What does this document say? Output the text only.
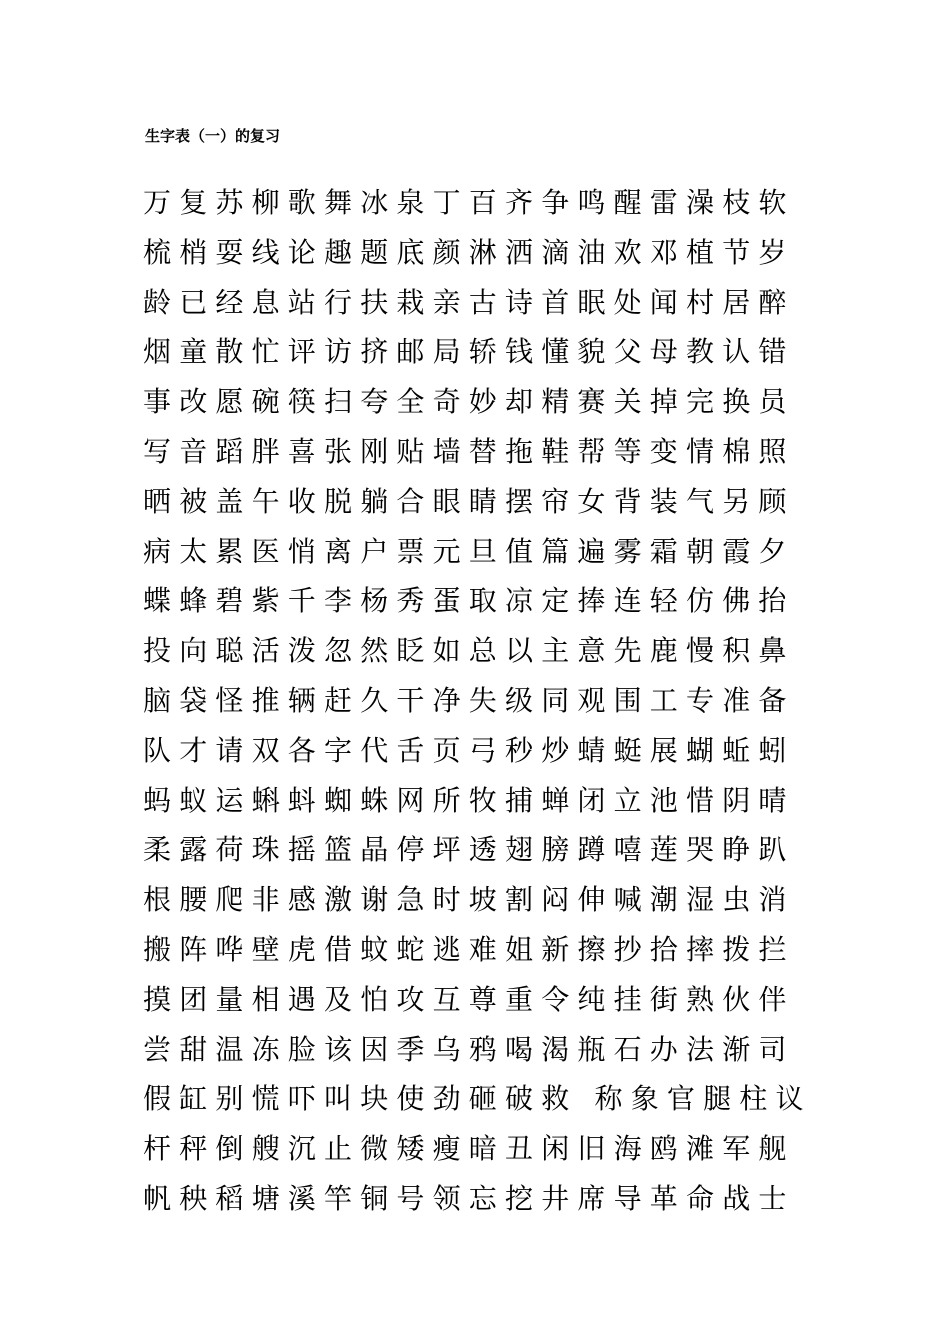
生字表（一）的复习
万复苏柳歌舞冰泉丁百齐争鸣醒雷澡枝软
梳梢耍线论趣题底颜淋洒滴油欢邓植节岁
龄已经息站行扶栽亲古诗首眠处闻村居醉
烟童散忙评访挤邮局轿钱懂貌父母教认错
事改愿碗筷扫夸全奇妙却精赛关掉完换员
写音蹈胖喜张刚贴墙替拖鞋帮等变情棉照
晒被盖午收脱躺合眼睛摆帘女背装气另顾
病太累医悄离户票元旦值篇遍雾霜朝霞夕
蝶蜂碧紫千李杨秀蛋取凉定捧连轻仿佛抬
投向聪活泼忽然眨如总以主意先鹿慢积鼻
脑袋怪推辆赶久干净失级同观围工专准备
队才请双各字代舌页弓秒炒蜻蜓展蝴蚯蚓
蚂蚁运蝌蚪蜘蛛网所牧捕蝉闭立池惜阴晴
柔露荷珠摇篮晶停坪透翅膀蹲嘻莲哭睁趴
根腰爬非感激谢急时坡割闷伸喊潮湿虫消
搬阵哗壁虎借蚊蛇逃难姐新擦抄拾摔拨拦
摸团量相遇及怕攻互尊重令纯挂街熟伙伴
尝甜温冻脸该因季乌鸦喝渴瓶石办法渐司
假缸别慌吓叫块使劲砸破救 称象官腿柱议
杆秤倒艘沉止微矮瘦暗丑闲旧海鸥滩军舰
帆秧稻塘溪竿铜号领忘挖井席导革命战士
